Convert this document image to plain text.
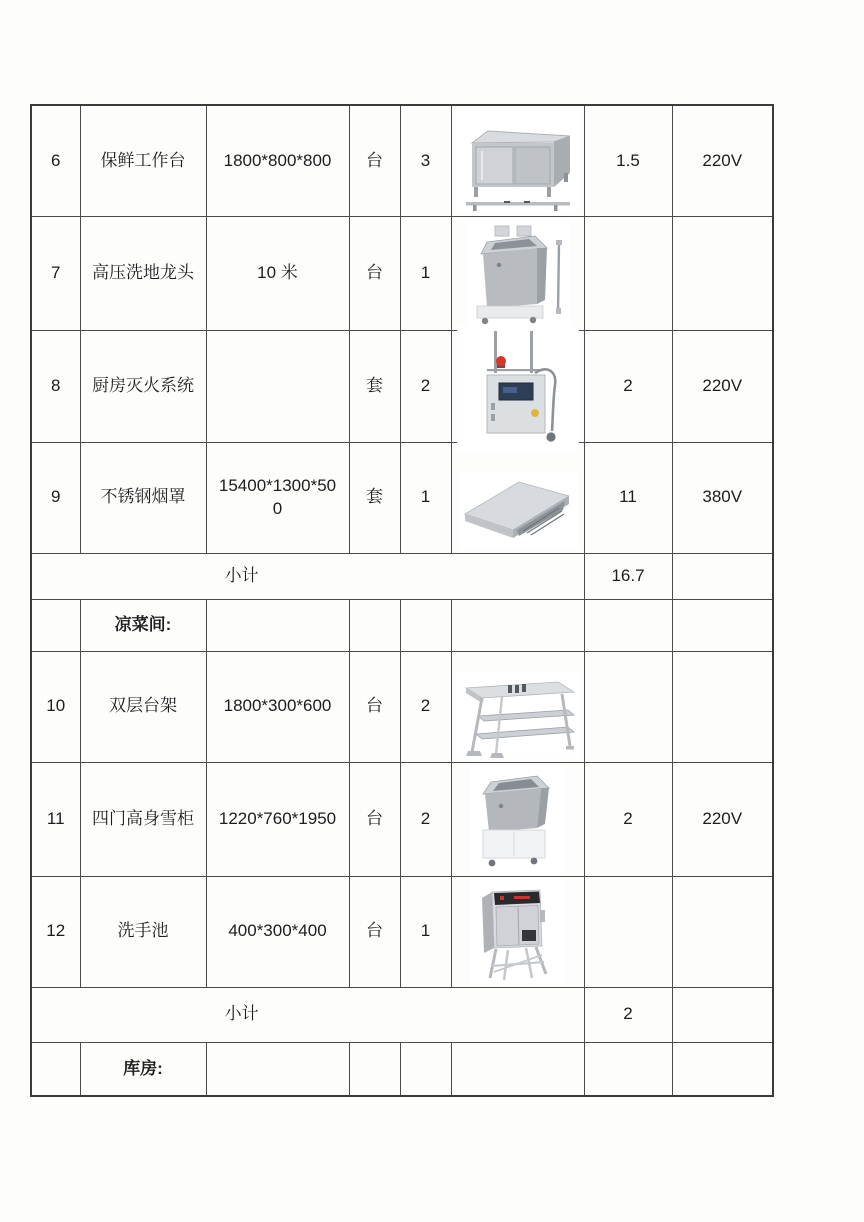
6	保鲜工作台	1800*800*800	台	3		1.5	220V
7	高压洗地龙头	10 米	台	1	

8	厨房灭火系统		套	2		2	220V
9	不锈钢烟罩	15400*1300*500	套	1		11	380V

小计						16.7	
	凉菜间:						
10	双层台架	1800*300*600	台	2	

11	四门高身雪柜	1220*760*1950	台	2		2	220V
12	洗手池	400*300*400	台	1	

小计						2	
	库房:						
